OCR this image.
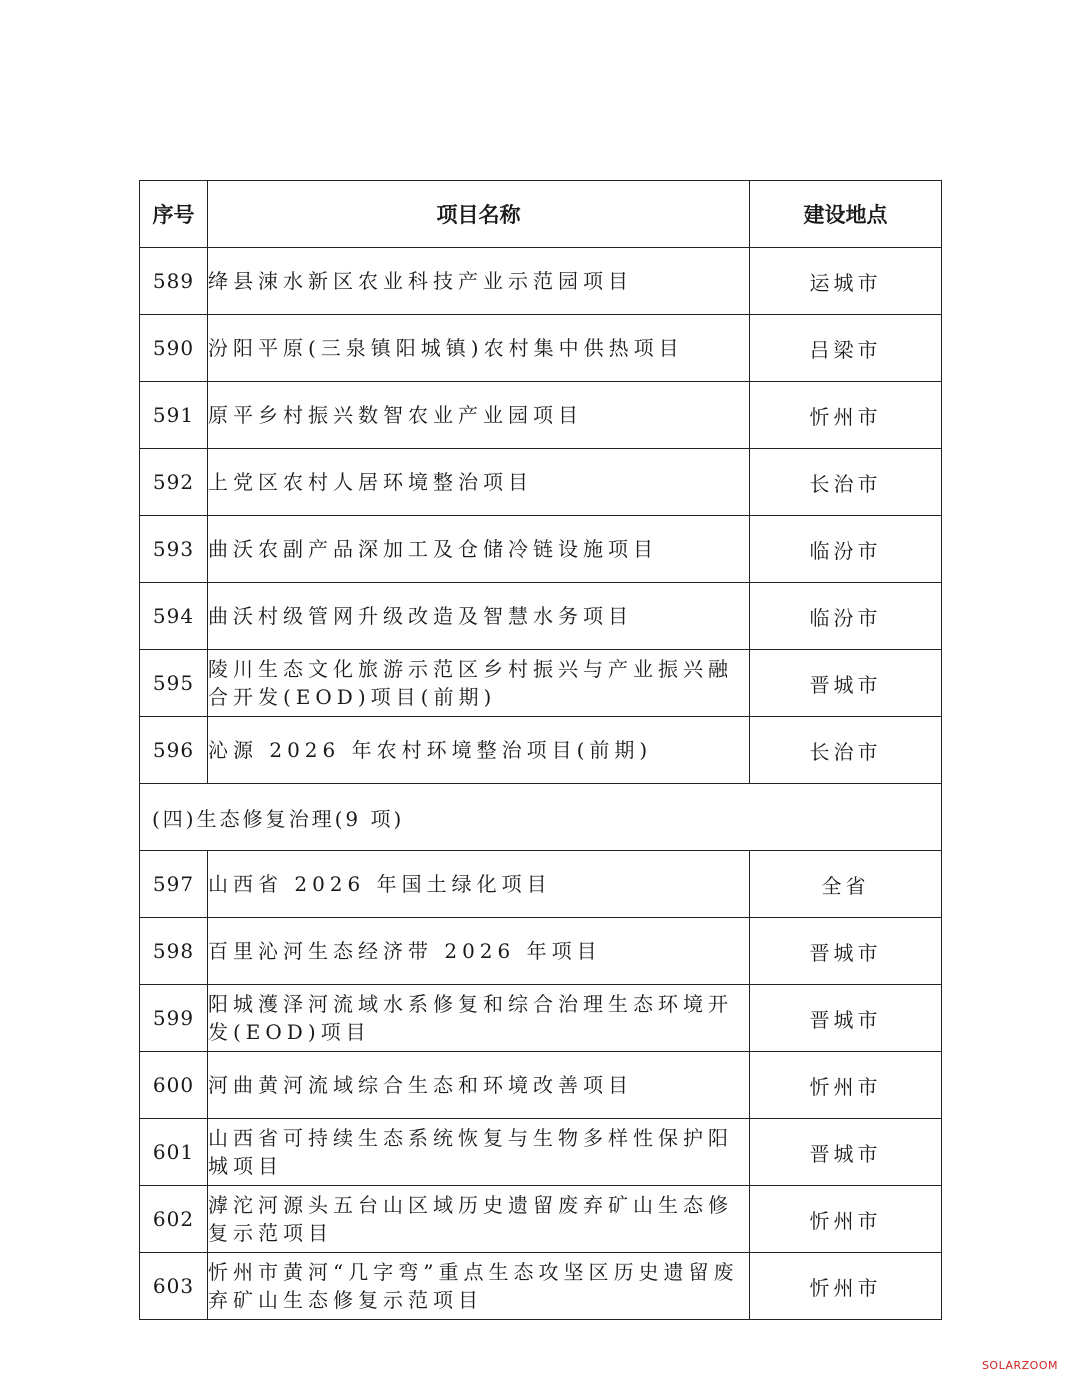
序号	项目名称	建设地点
589	绛县涑水新区农业科技产业示范园项目	运城市
590	汾阳平原(三泉镇阳城镇)农村集中供热项目	吕梁市
591	原平乡村振兴数智农业产业园项目	忻州市
592	上党区农村人居环境整治项目	长治市
593	曲沃农副产品深加工及仓储冷链设施项目	临汾市
594	曲沃村级管网升级改造及智慧水务项目	临汾市
595	陵川生态文化旅游示范区乡村振兴与产业振兴融合开发(EOD)项目(前期)	晋城市
596	沁源 2026 年农村环境整治项目(前期)	长治市
(四)生态修复治理(9 项)		
597	山西省 2026 年国土绿化项目	全省
598	百里沁河生态经济带 2026 年项目	晋城市
599	阳城濩泽河流域水系修复和综合治理生态环境开发(EOD)项目	晋城市
600	河曲黄河流域综合生态和环境改善项目	忻州市
601	山西省可持续生态系统恢复与生物多样性保护阳城项目	晋城市
602	滹沱河源头五台山区域历史遗留废弃矿山生态修复示范项目	忻州市
603	忻州市黄河“几字弯”重点生态攻坚区历史遗留废弃矿山生态修复示范项目	忻州市
SOLARZOOM
